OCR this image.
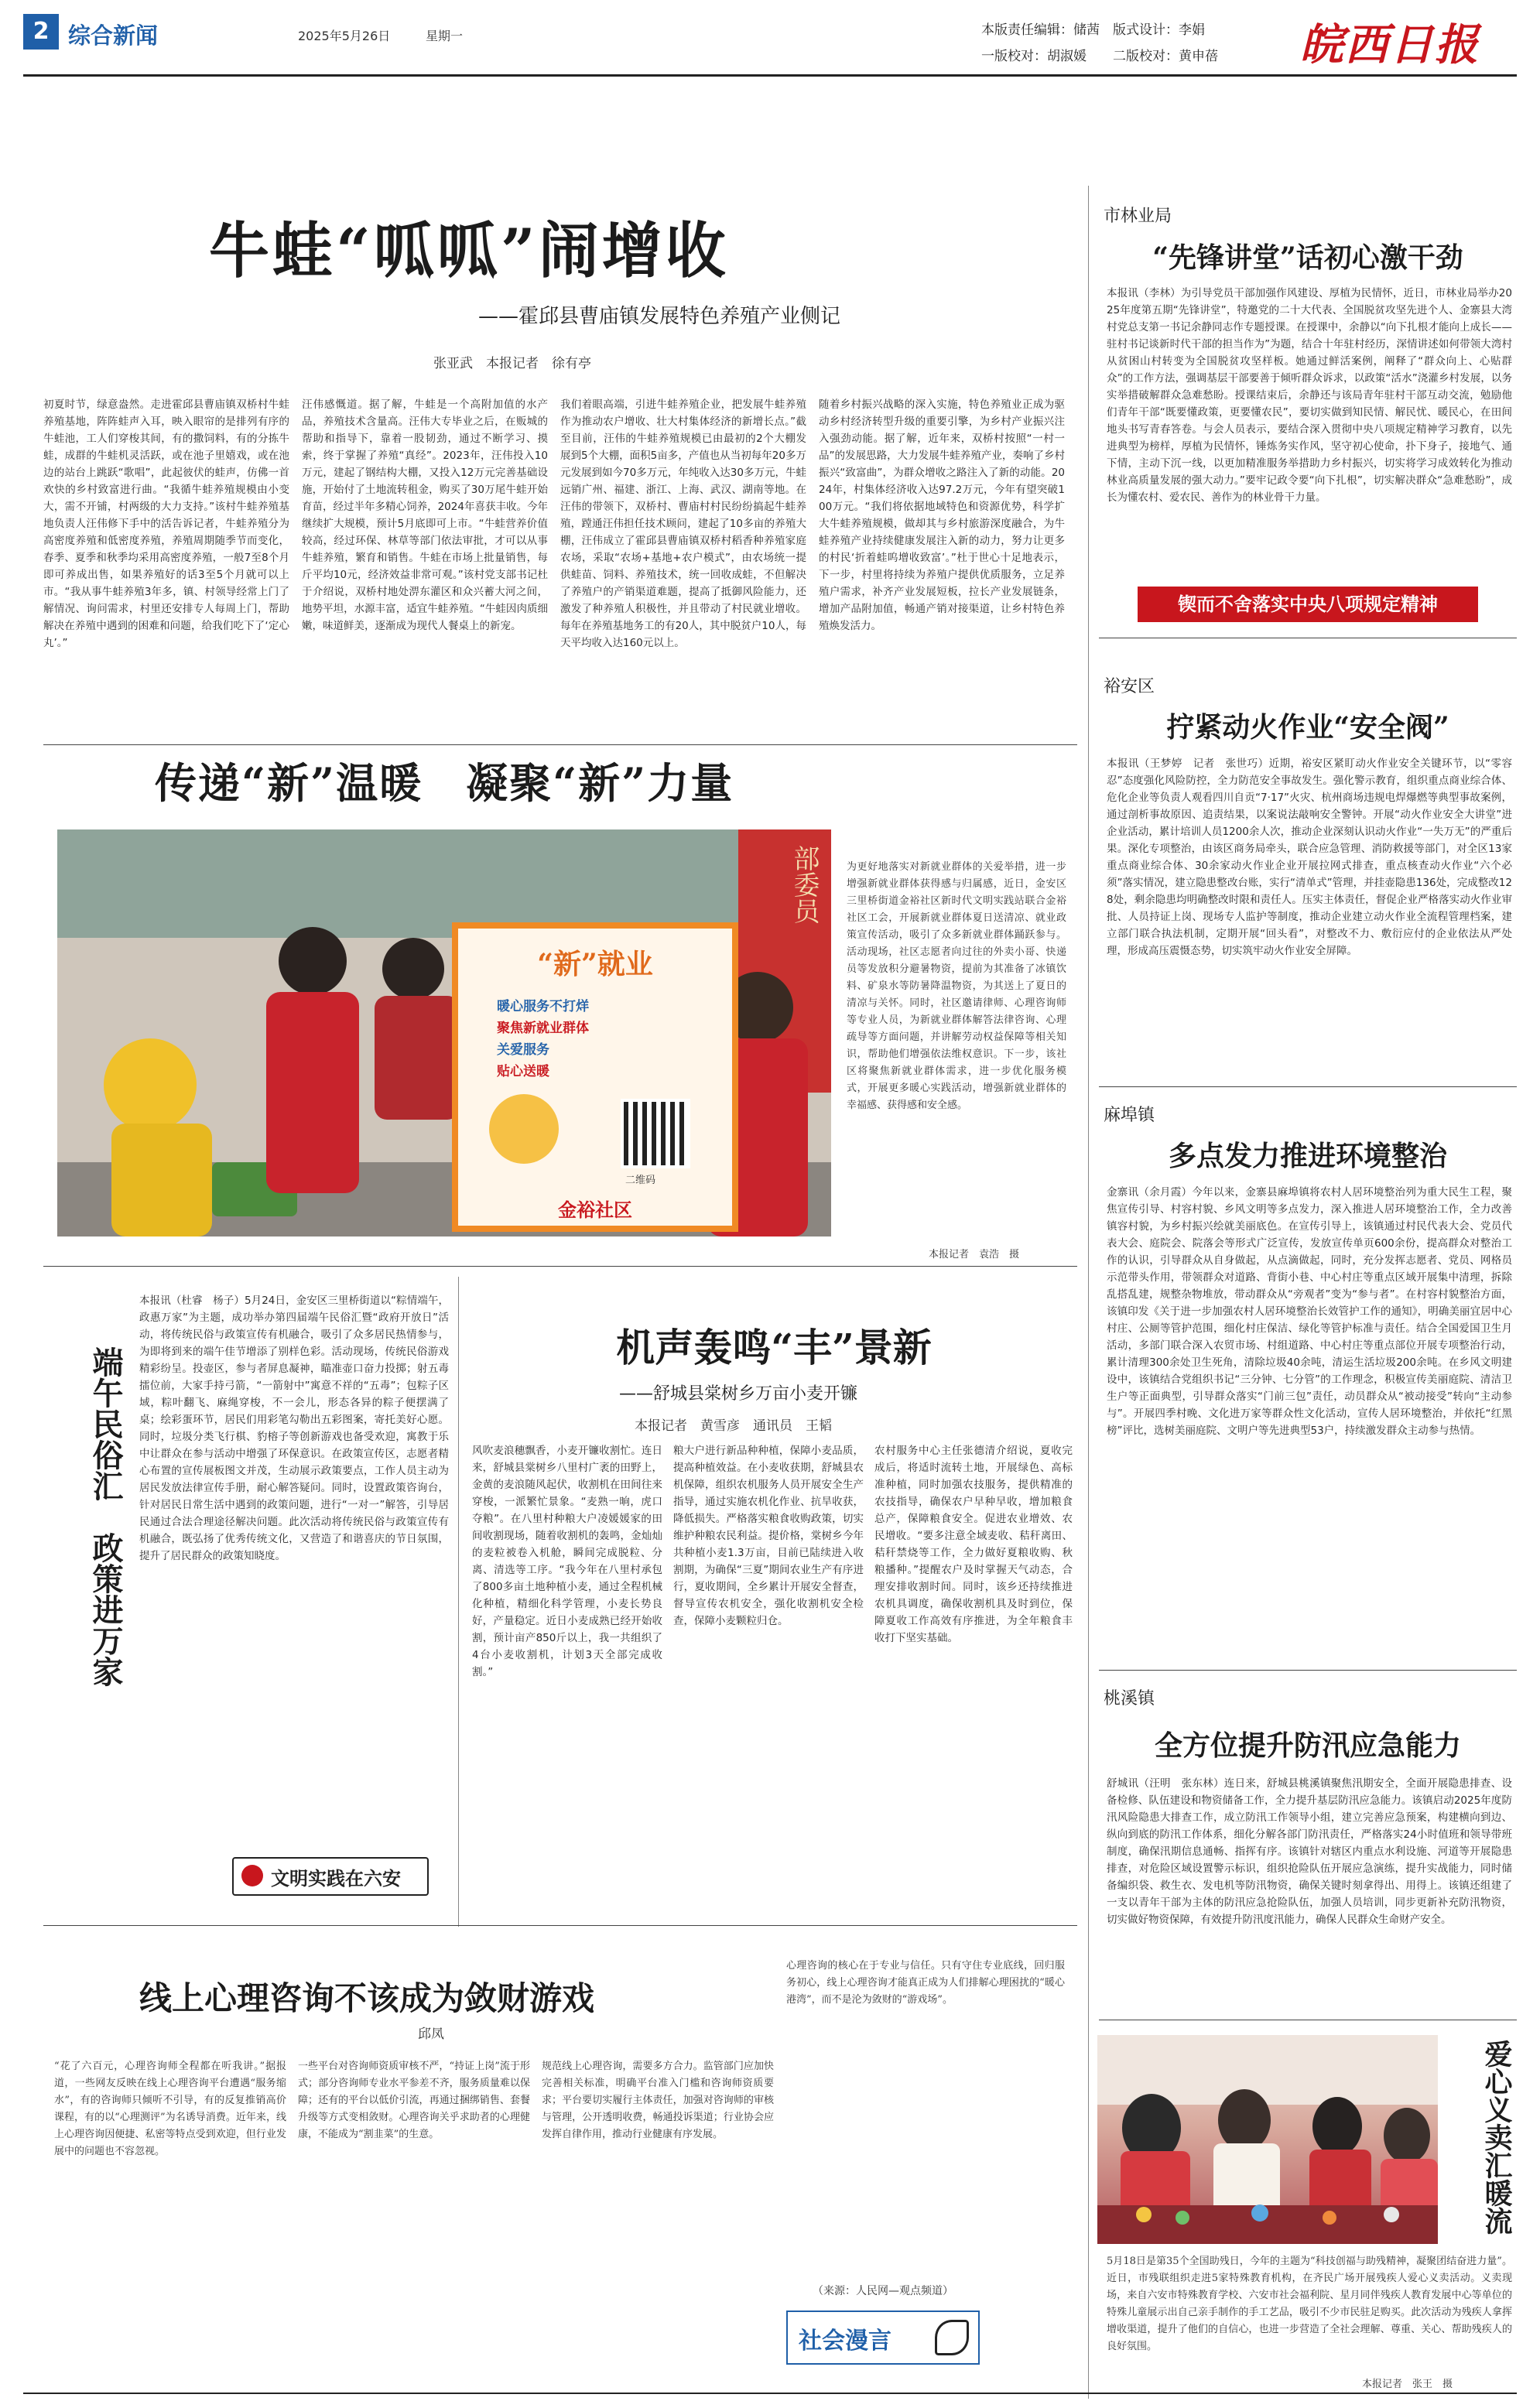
2 综合新闻	2025年5月26日	星期一	本版责任编辑：储茜　版式设计：李娟
一版校对：胡淑媛　　二版校对：黄申蓓 皖西日报
牛蛙“呱呱”闹增收
——霍邱县曹庙镇发展特色养殖产业侧记
张亚武　本报记者　徐有亭
初夏时节，绿意盎然。走进霍邱县曹庙镇双桥村牛蛙养殖基地，阵阵蛙声入耳，映入眼帘的是排列有序的牛蛙池，工人们穿梭其间，有的撒饲料，有的分拣牛蛙，成群的牛蛙机灵活跃，或在池子里嬉戏，或在池边的站台上跳跃“歌唱”，此起彼伏的蛙声，仿佛一首欢快的乡村致富进行曲。“我循牛蛙养殖规模由小变大，需不开铺，村两级的大力支持。”该村牛蛙养殖基地负责人汪伟修下手中的活告诉记者，牛蛙养殖分为高密度养殖和低密度养殖，养殖周期随季节而变化，春季、夏季和秋季均采用高密度养殖，一般7至8个月即可养成出售，如果养殖好的话3至5个月就可以上市。“我从事牛蛙养殖3年多，镇、村领导经常上门了解情况、询问需求，村里还安排专人每周上门，帮助解决在养殖中遇到的困难和问题，给我们吃下了‘定心丸’。”
汪伟感慨道。据了解，牛蛙是一个高附加值的水产品，养殖技术含量高。汪伟大专毕业之后，在贩城的帮助和指导下，靠着一股韧劲，通过不断学习、摸索，终于掌握了养殖“真经”。2023年，汪伟投入10万元，建起了钢结构大棚，又投入12万元完善基础设施，开始付了土地流转租金，购买了30万尾牛蛙开始育苗，经过半年多精心饲养，2024年喜获丰收。今年继续扩大规模，预计5月底即可上市。“牛蛙营养价值较高，经过环保、林草等部门依法审批，才可以从事牛蛙养殖，繁育和销售。牛蛙在市场上批量销售，每斤平均10元，经济效益非常可观。”该村党支部书记杜于介绍说，双桥村地处淠东灌区和众兴蓄大河之间，地势平坦，水源丰富，适宜牛蛙养殖。“牛蛙因肉质细嫩，味道鲜美，逐渐成为现代人餐桌上的新宠。
我们着眼高端，引进牛蛙养殖企业，把发展牛蛙养殖作为推动农户增收、壮大村集体经济的新增长点。”截至目前，汪伟的牛蛙养殖规模已由最初的2个大棚发展到5个大棚，面积5亩多，产值也从当初每年20多万元发展到如今70多万元，年纯收入达30多万元，牛蛙远销广州、福建、浙江、上海、武汉、湖南等地。在汪伟的带领下，双桥村、曹庙村村民纷纷搞起牛蛙养殖，蹚通汪伟担任技术顾问，建起了10多亩的养殖大棚，汪伟成立了霍邱县曹庙镇双桥村稻香种养殖家庭农场，采取“农场+基地+农户模式”，由农场统一提供蛙苗、饲料、养殖技术，统一回收成蛙，不但解决了养殖户的产销渠道难题，提高了抵御风险能力，还激发了种养殖人积极性，并且带动了村民就业增收。每年在养殖基地务工的有20人，其中脱贫户10人，每天平均收入达160元以上。
随着乡村振兴战略的深入实施，特色养殖业正成为驱动乡村经济转型升级的重要引擎，为乡村产业振兴注入强劲动能。据了解，近年来，双桥村按照“一村一品”的发展思路，大力发展牛蛙养殖产业，奏响了乡村振兴“致富曲”，为群众增收之路注入了新的动能。2024年，村集体经济收入达97.2万元，今年有望突破100万元。“我们将依据地域特色和资源优势，科学扩大牛蛙养殖规模，做却其与乡村旅游深度融合，为牛蛙养殖产业持续健康发展注入新的动力，努力让更多的村民‘折着蛙呜增收致富’。”杜于世心十足地表示，下一步，村里将持续为养殖户提供优质服务，立足养殖户需求，补齐产业发展短板，拉长产业发展链条，增加产品附加值，畅通产销对接渠道，让乡村特色养殖焕发活力。
市林业局
“先锋讲堂”话初心激干劲
本报讯（李林）为引导党员干部加强作风建设、厚植为民情怀，近日，市林业局举办2025年度第五期“先锋讲堂”，特邀党的二十大代表、全国脱贫攻坚先进个人、金寨县大湾村党总支第一书记余静同志作专题授课。在授课中，余静以“向下扎根才能向上成长——驻村书记谈新时代干部的担当作为”为题，结合十年驻村经历，深情讲述如何带领大湾村从贫困山村转变为全国脱贫攻坚样板。她通过鲜活案例，阐释了“群众向上、心贴群众”的工作方法，强调基层干部要善于倾听群众诉求，以政策“活水”浇灌乡村发展，以务实举措破解群众急难愁盼。授课结束后，余静还与该局青年驻村干部互动交流，勉励他们青年干部“既要懂政策，更要懂农民”，要切实做到知民情、解民忧、暖民心，在田间地头书写青春答卷。与会人员表示，要结合深入贯彻中央八项规定精神学习教育，以先进典型为榜样，厚植为民情怀，锤炼务实作风，坚守初心使命，扑下身子，接地气、通下情，主动下沉一线，以更加精准服务举措助力乡村振兴，切实将学习成效转化为推动林业高质量发展的强大动力。”要牢记政令要“向下扎根”，切实解决群众“急难愁盼”，成长为懂农村、爱农民、善作为的林业骨干力量。
锲而不舍落实中央八项规定精神
裕安区
拧紧动火作业“安全阀”
本报讯（王梦婷　记者　张世巧）近期，裕安区紧盯动火作业安全关键环节，以“零容忍”态度强化风险防控，全力防范安全事故发生。强化警示教育，组织重点商业综合体、危化企业等负责人观看四川自贡“7·17”火灾、杭州商场违规电焊爆燃等典型事故案例，通过剖析事故原因、追责结果，以案说法敲响安全警钟。开展“动火作业安全大讲堂”进企业活动，累计培训人员1200余人次，推动企业深刻认识动火作业“一失万无”的严重后果。深化专项整治，由该区商务局牵头，联合应急管理、消防救援等部门，对全区13家重点商业综合体、30余家动火作业企业开展拉网式排查，重点核查动火作业“六个必须”落实情况，建立隐患整改台账，实行“清单式”管理，并挂壶隐患136处，完成整改128处，剩余隐患均明确整改时限和责任人。压实主体责任，督促企业严格落实动火作业审批、人员持证上岗、现场专人监护等制度，推动企业建立动火作业全流程管理档案，建立部门联合执法机制，定期开展“回头看”，对整改不力、敷衍应付的企业依法从严处理，形成高压震慑态势，切实筑牢动火作业安全屏障。
麻埠镇
多点发力推进环境整治
金寨讯（余月霞）今年以来，金寨县麻埠镇将农村人居环境整治列为重大民生工程，聚焦宣传引导、村容村貌、乡风文明等多点发力，深入推进人居环境整治工作，全力改善镇容村貌，为乡村振兴绘就美丽底色。在宣传引导上，该镇通过村民代表大会、党员代表大会、庭院会、院落会等形式广泛宣传，发放宣传单页600余份，提高群众对整治工作的认识，引导群众从自身做起，从点滴做起，同时，充分发挥志愿者、党员、网格员示范带头作用，带领群众对道路、背街小巷、中心村庄等重点区域开展集中清理，拆除乱搭乱建，规整杂物堆放，带动群众从“旁观者”变为“参与者”。在村容村貌整治方面，该镇印发《关于进一步加强农村人居环境整治长效管护工作的通知》，明确美丽宜居中心村庄、公厕等管护范围，细化村庄保洁、绿化等管护标准与责任。结合全国爱国卫生月活动，多部门联合深入农贸市场、村组道路、中心村庄等重点部位开展专项整治行动，累计清理300余处卫生死角，清除垃圾40余吨，清运生活垃圾200余吨。在乡风文明建设中，该镇结合党组织书记“三分钟、七分管”的工作理念，积极宣传美丽庭院、清洁卫生户等正面典型，引导群众落实“门前三包”责任，动员群众从“被动接受”转向“主动参与”。开展四季村晚、文化进万家等群众性文化活动，宣传人居环境整治，并依托“红黑榜”评比，选树美丽庭院、文明户等先进典型53户，持续激发群众主动参与热情。
桃溪镇
全方位提升防汛应急能力
舒城讯（汪明　张东林）连日来，舒城县桃溪镇聚焦汛期安全，全面开展隐患排查、设备检修、队伍建设和物资储备工作，全力提升基层防汛应急能力。该镇启动2025年度防汛风险隐患大排查工作，成立防汛工作领导小组，建立完善应急预案，构建横向到边、纵向到底的防汛工作体系，细化分解各部门防汛责任，严格落实24小时值班和领导带班制度，确保汛期信息通畅、指挥有序。该镇针对辖区内重点水利设施、河道等开展隐患排查，对危险区域设置警示标识，组织抢险队伍开展应急演练，提升实战能力，同时储备编织袋、救生衣、发电机等防汛物资，确保关键时刻拿得出、用得上。该镇还组建了一支以青年干部为主体的防汛应急抢险队伍，加强人员培训，同步更新补充防汛物资，切实做好物资保障，有效提升防汛度汛能力，确保人民群众生命财产安全。
爱心义卖汇暖流
5月18日是第35个全国助残日，今年的主题为“科技创福与助残精神，凝聚团结奋进力量”。近日，市残联组织走进5家特殊教育机构，在齐民广场开展残疾人爱心义卖活动。义卖现场，来自六安市特殊教育学校、六安市社会福利院、星月同伴残疾人教育发展中心等单位的特殊儿童展示出自己亲手制作的手工艺品，吸引不少市民驻足购买。此次活动为残疾人拿挥增收渠道，提升了他们的自信心，也进一步营造了全社会理解、尊重、关心、帮助残疾人的良好氛围。
本报记者　张王　摄
传递“新”温暖　凝聚“新”力量
“新”就业
暖心服务不打烊
聚焦新就业群体
关爱服务
贴心送暖
二维码
金裕社区
部委员	为更好地落实对新就业群体的关爱举措，进一步增强新就业群体获得感与归属感，近日，金安区三里桥街道金裕社区新时代文明实践站联合金裕社区工会，开展新就业群体夏日送清凉、就业政策宣传活动，吸引了众多新就业群体踊跃参与。活动现场，社区志愿者向过往的外卖小哥、快递员等发放积分避暑物资，提前为其准备了冰镇饮料、矿泉水等防暑降温物资，为其送上了夏日的清凉与关怀。同时，社区邀请律师、心理咨询师等专业人员，为新就业群体解答法律咨询、心理疏导等方面问题，并讲解劳动权益保障等相关知识，帮助他们增强依法维权意识。下一步，该社区将聚焦新就业群体需求，进一步优化服务模式，开展更多暖心实践活动，增强新就业群体的幸福感、获得感和安全感。
本报记者　袁浩　摄
端午民俗汇　政策进万家
本报讯（杜睿　杨子）5月24日，金安区三里桥街道以“粽情端午，政惠万家”为主题，成功举办第四届端午民俗汇暨“政府开放日”活动，将传统民俗与政策宣传有机融合，吸引了众多居民热情参与，为即将到来的端午佳节增添了别样色彩。活动现场，传统民俗游戏精彩纷呈。投壶区，参与者屏息凝神，瞄准壶口奋力投掷；射五毒擂位前，大家手持弓箭，“一箭射中”寓意不祥的“五毒”；包粽子区域，粽叶翻飞、麻绳穿梭，不一会儿，形态各异的粽子便摆满了桌；绘彩蛋环节，居民们用彩笔勾勒出五彩图案，寄托美好心愿。同时，垃圾分类飞行棋、豹榕子等创新游戏也备受欢迎，寓教于乐中让群众在参与活动中增强了环保意识。在政策宣传区，志愿者精心布置的宣传展板图文并茂，生动展示政策要点，工作人员主动为居民发放法律宣传手册，耐心解答疑问。同时，设置政策咨询台，针对居民日常生活中遇到的政策问题，进行“一对一”解答，引导居民通过合法合理途径解决问题。此次活动将传统民俗与政策宣传有机融合，既弘扬了优秀传统文化，又营造了和谐喜庆的节日氛围，提升了居民群众的政策知晓度。
文明实践在六安
机声轰鸣“丰”景新
——舒城县棠树乡万亩小麦开镰
本报记者　黄雪彦　通讯员　王韬
风吹麦浪穗飘香，小麦开镰收割忙。连日来，舒城县棠树乡八里村广袤的田野上，金黄的麦浪随风起伏，收割机在田间往来穿梭，一派繁忙景象。“麦熟一晌，虎口夺粮”。在八里村种粮大户凌媛媛家的田间收割现场，随着收割机的轰鸣，金灿灿的麦粒被卷入机舱，瞬间完成脱粒、分离、清选等工序。“我今年在八里村承包了800多亩土地种植小麦，通过全程机械化种植，精细化科学管理，小麦长势良好，产量稳定。近日小麦成熟已经开始收割，预计亩产850斤以上，我一共组织了4台小麦收割机，计划3天全部完成收割。”
粮大户进行新品种种植，保障小麦品质，提高种植效益。在小麦收获期，舒城县农机保障，组织农机服务人员开展安全生产指导，通过实施农机化作业、抗旱收获，降低损失。严格落实粮食收购政策，切实维护种粮农民利益。提价格，棠树乡今年共种植小麦1.3万亩，目前已陆续进入收割期，为确保“三夏”期间农业生产有序进行，夏收期间，全乡累计开展安全督查，督导宣传农机安全，强化收割机安全检查，保障小麦颗粒归仓。
农村服务中心主任张德清介绍说，夏收完成后，将适时流转土地，开展绿色、高标准种植，同时加强农技服务，提供精准的农技指导，确保农户早种早收，增加粮食总产，保障粮食安全。促进农业增效、农民增收。“要多注意全域麦收、秸秆离田、秸秆禁烧等工作，全力做好夏粮收购、秋粮播种。”提醒农户及时掌握天气动态，合理安排收割时间。同时，该乡还持续推进农机具调度，确保收割机具及时到位，保障夏收工作高效有序推进，为全年粮食丰收打下坚实基础。
线上心理咨询不该成为敛财游戏
邱凤
“花了六百元，心理咨询师全程都在听我讲。”据报道，一些网友反映在线上心理咨询平台遭遇“服务缩水”，有的咨询师只倾听不引导，有的反复推销高价课程，有的以“心理测评”为名诱导消费。近年来，线上心理咨询因便捷、私密等特点受到欢迎，但行业发展中的问题也不容忽视。
一些平台对咨询师资质审核不严，“持证上岗”流于形式；部分咨询师专业水平参差不齐，服务质量难以保障；还有的平台以低价引流，再通过捆绑销售、套餐升级等方式变相敛财。心理咨询关乎求助者的心理健康，不能成为“割韭菜”的生意。
规范线上心理咨询，需要多方合力。监管部门应加快完善相关标准，明确平台准入门槛和咨询师资质要求；平台要切实履行主体责任，加强对咨询师的审核与管理，公开透明收费，畅通投诉渠道；行业协会应发挥自律作用，推动行业健康有序发展。
心理咨询的核心在于专业与信任。只有守住专业底线，回归服务初心，线上心理咨询才能真正成为人们排解心理困扰的“暖心港湾”，而不是沦为敛财的“游戏场”。
（来源：人民网—观点频道）
社会漫言
